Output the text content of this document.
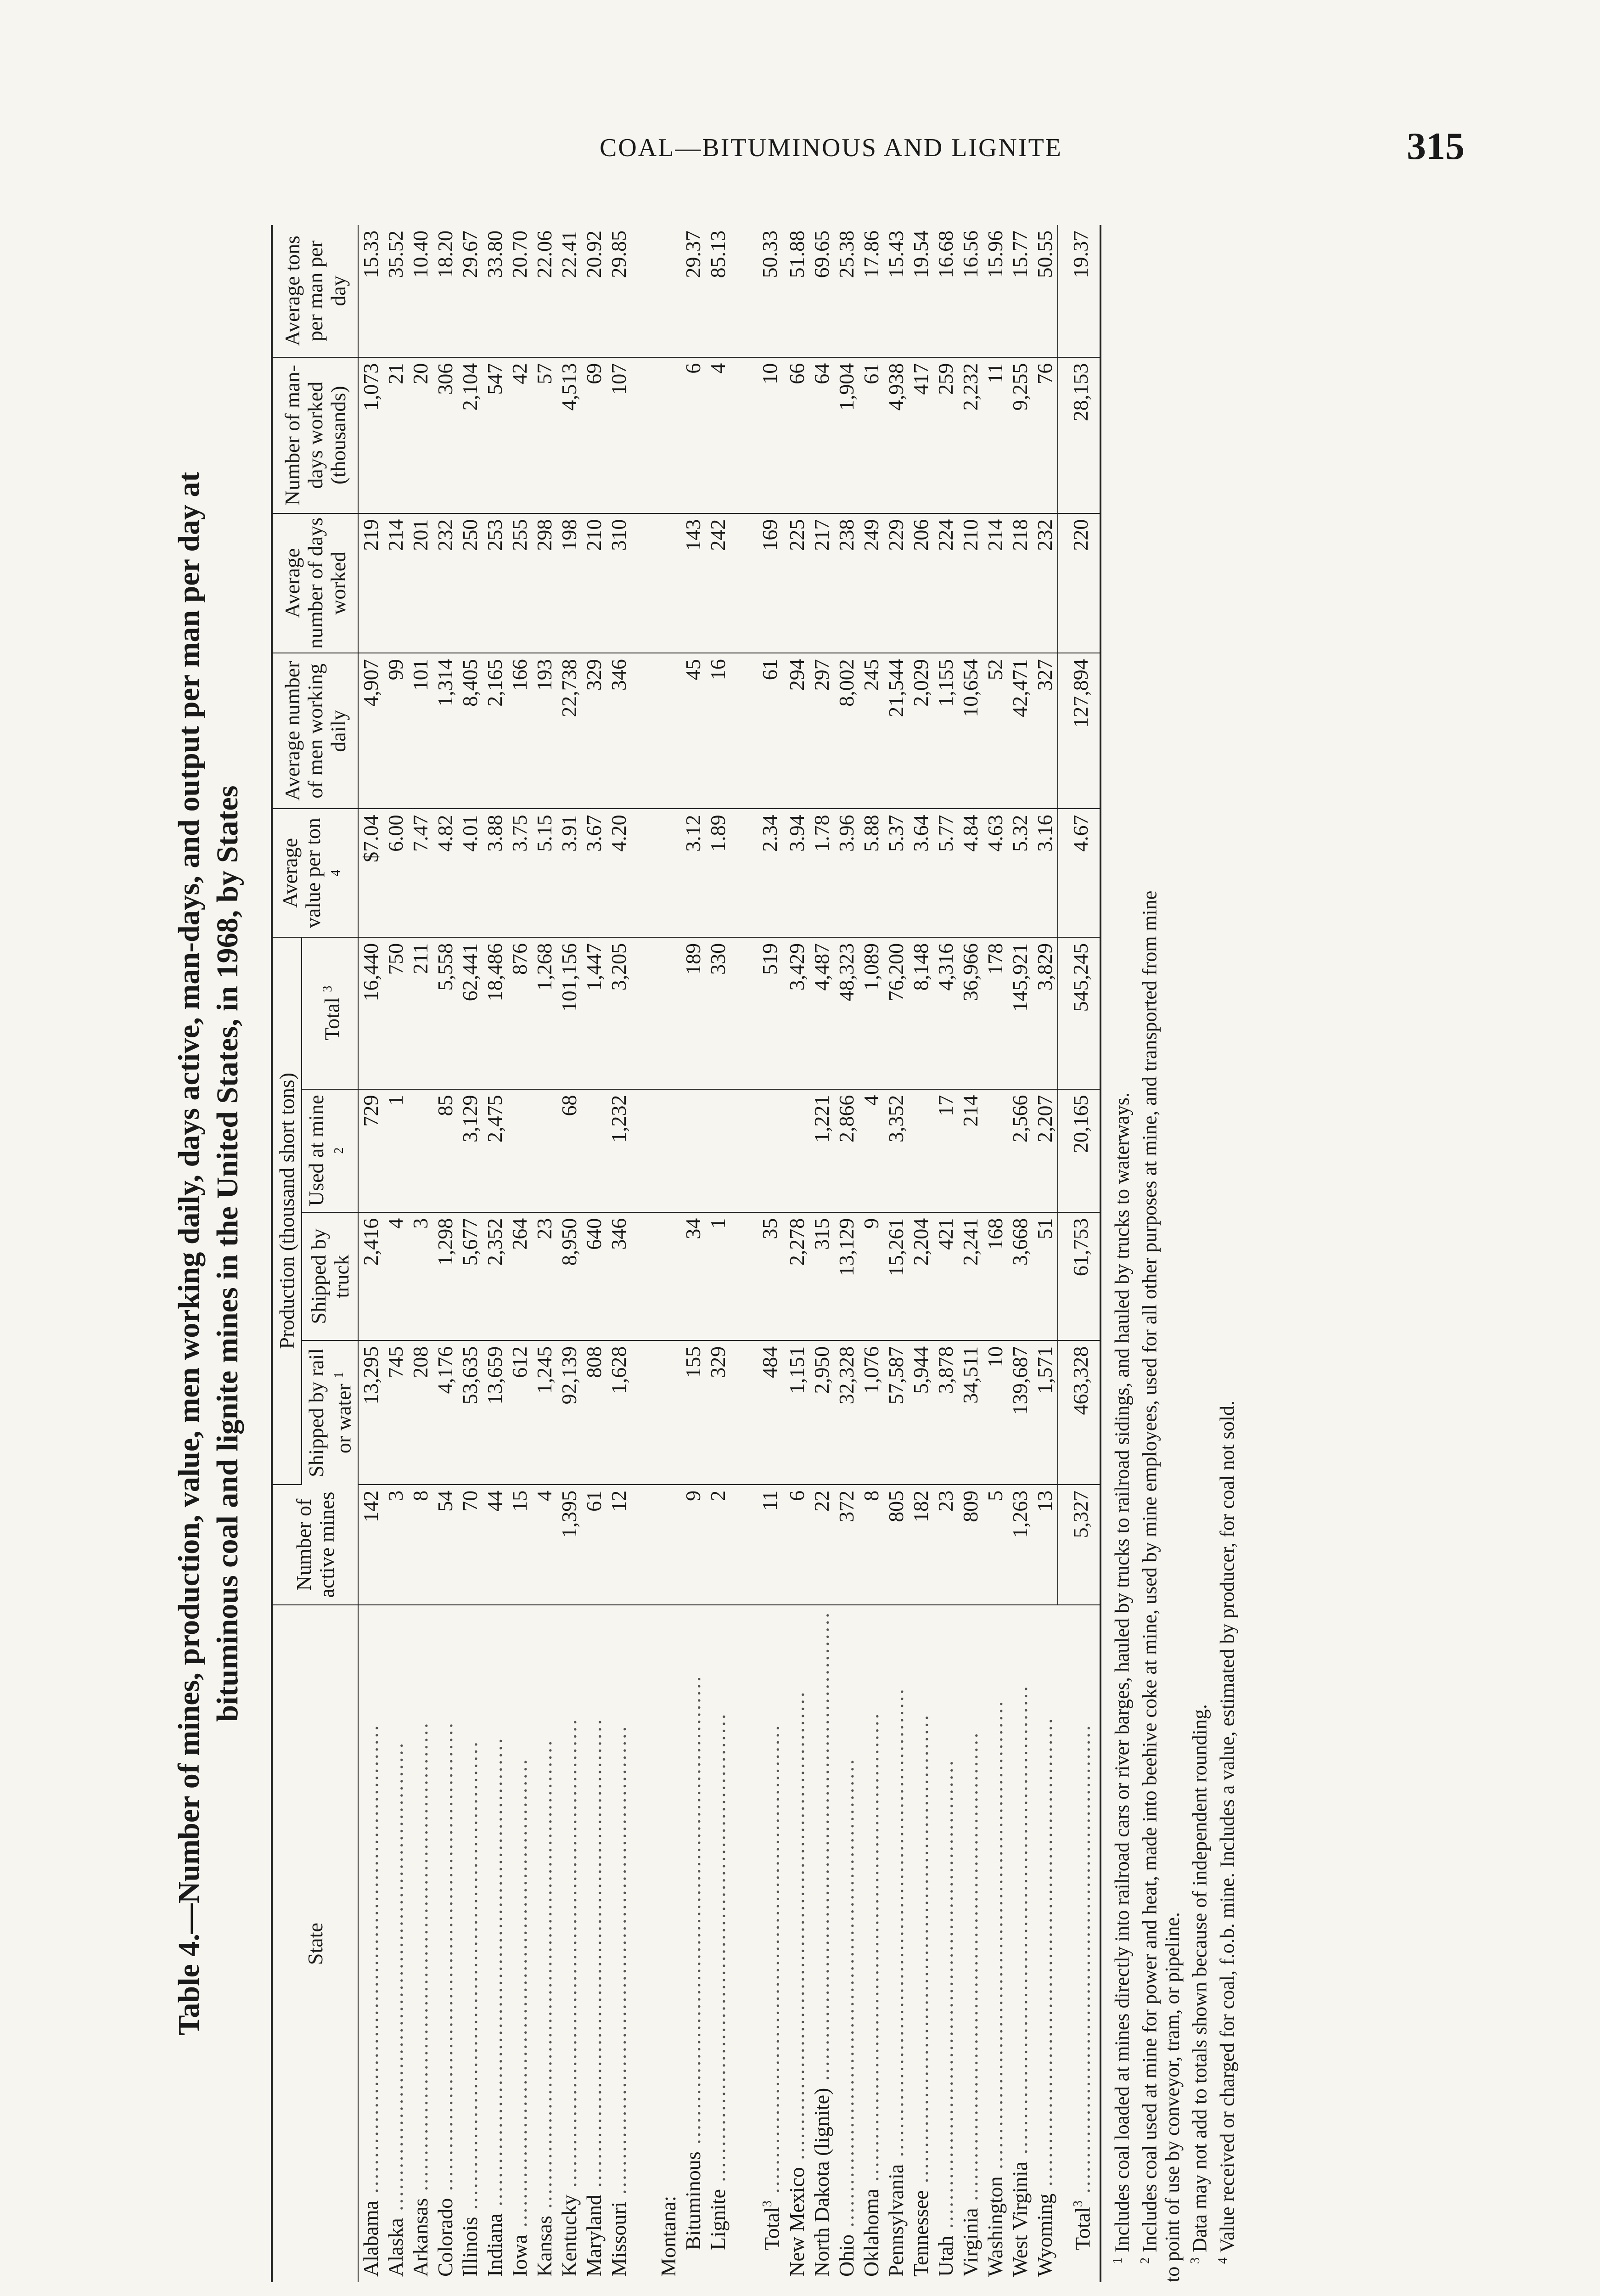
COAL—BITUMINOUS AND LIGNITE	315
Table 4.—Number of mines, production, value, men working daily, days active, man-days, and output per man per day at bituminous coal and lignite mines in the United States, in 1968, by States
State	Number of active mines	Production (thousand short tons)				Average value per ton $^4$	Average number of men working daily	Average number of days worked	Number of man-days worked (thousands)	Average tons per man per day
		Shipped by rail or water $^1$	Shipped by truck	Used at mine $^2$	Total $^3$
Alabama ..................................................................	142	13,295	2,416	729	16,440	$7.04	4,907	219	1,073	15.33
Alaska ..................................................................	3	745	4	1	750	6.00	99	214	21	35.52
Arkansas ..................................................................	8	208	3		211	7.47	101	201	20	10.40
Colorado ..................................................................	54	4,176	1,298	85	5,558	4.82	1,314	232	306	18.20
Illinois ..................................................................	70	53,635	5,677	3,129	62,441	4.01	8,405	250	2,104	29.67
Indiana ..................................................................	44	13,659	2,352	2,475	18,486	3.88	2,165	253	547	33.80
Iowa ..................................................................	15	612	264		876	3.75	166	255	42	20.70
Kansas ..................................................................	4	1,245	23		1,268	5.15	193	298	57	22.06
Kentucky ..................................................................	1,395	92,139	8,950	68	101,156	3.91	22,738	198	4,513	22.41
Maryland ..................................................................	61	808	640		1,447	3.67	329	210	69	20.92
Missouri ..................................................................	12	1,628	346	1,232	3,205	4.20	346	310	107	29.85

Montana:										
Bituminous ..................................................................	9	155	34		189	3.12	45	143	6	29.37
Lignite ..................................................................	2	329	1		330	1.89	16	242	4	85.13

Total$^3$ ..................................................................	11	484	35		519	2.34	61	169	10	50.33
New Mexico ..................................................................	6	1,151	2,278		3,429	3.94	294	225	66	51.88
North Dakota (lignite) ..................................................................	22	2,950	315	1,221	4,487	1.78	297	217	64	69.65
Ohio ..................................................................	372	32,328	13,129	2,866	48,323	3.96	8,002	238	1,904	25.38
Oklahoma ..................................................................	8	1,076	9	4	1,089	5.88	245	249	61	17.86
Pennsylvania ..................................................................	805	57,587	15,261	3,352	76,200	5.37	21,544	229	4,938	15.43
Tennessee ..................................................................	182	5,944	2,204		8,148	3.64	2,029	206	417	19.54
Utah ..................................................................	23	3,878	421	17	4,316	5.77	1,155	224	259	16.68
Virginia ..................................................................	809	34,511	2,241	214	36,966	4.84	10,654	210	2,232	16.56
Washington ..................................................................	5	10	168		178	4.63	52	214	11	15.96
West Virginia ..................................................................	1,263	139,687	3,668	2,566	145,921	5.32	42,471	218	9,255	15.77
Wyoming ..................................................................	13	1,571	51	2,207	3,829	3.16	327	232	76	50.55
Total$^3$ ..................................................................	5,327	463,328	61,753	20,165	545,245	4.67	127,894	220	28,153	19.37

$^1$ Includes coal loaded at mines directly into railroad cars or river barges, hauled by trucks to railroad sidings, and hauled by trucks to waterways.

$^2$ Includes coal used at mine for power and heat, made into beehive coke at mine, used by mine employees, used for all other purposes at mine, and transported from mine to point of use by conveyor, tram, or pipeline. $^3$ Data may not add to totals shown because of independent rounding.

$^4$ Value received or charged for coal, f.o.b. mine. Includes a value, estimated by producer, for coal not sold.
